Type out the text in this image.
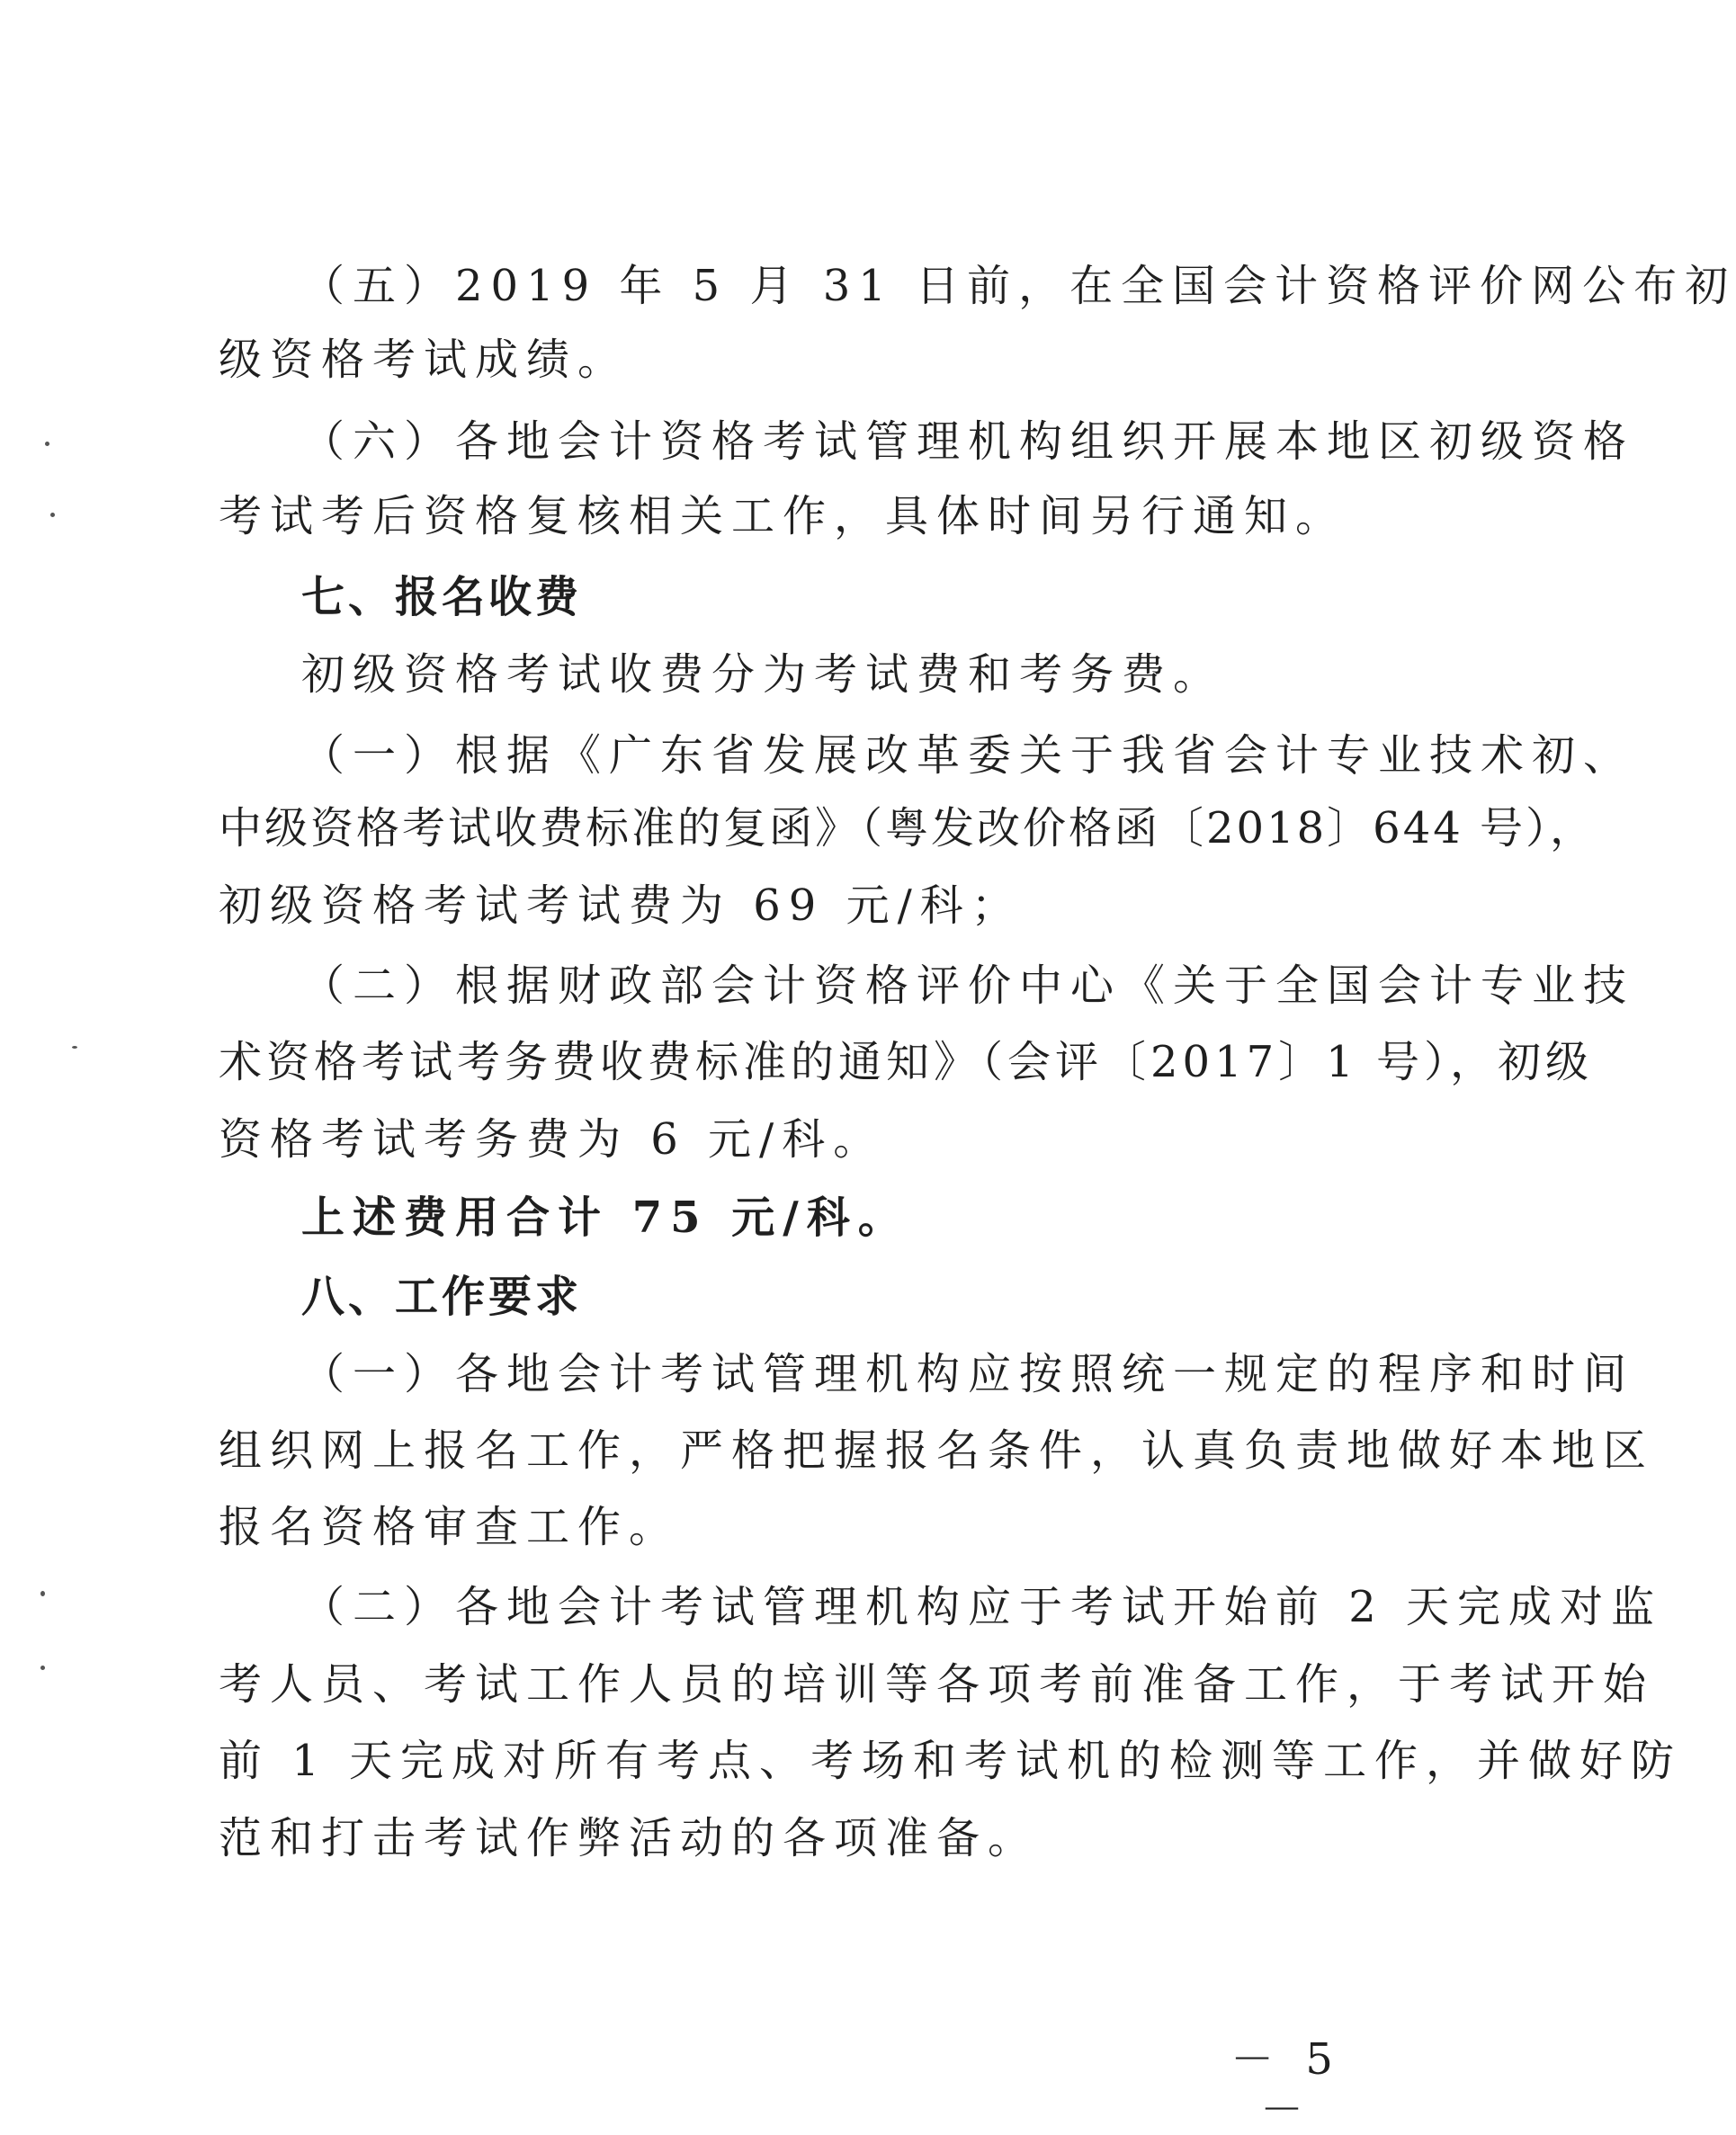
（五）2019 年 5 月 31 日前，在全国会计资格评价网公布初
级资格考试成绩。
（六）各地会计资格考试管理机构组织开展本地区初级资格
考试考后资格复核相关工作，具体时间另行通知。
七、报名收费
初级资格考试收费分为考试费和考务费。
（一）根据《广东省发展改革委关于我省会计专业技术初、
中级资格考试收费标准的复函》（粤发改价格函〔2018〕644 号），
初级资格考试考试费为 69 元/科；
（二）根据财政部会计资格评价中心《关于全国会计专业技
术资格考试考务费收费标准的通知》（会评〔2017〕1 号），初级
资格考试考务费为 6 元/科。
上述费用合计 75 元/科。
八、工作要求
（一）各地会计考试管理机构应按照统一规定的程序和时间
组织网上报名工作，严格把握报名条件，认真负责地做好本地区
报名资格审查工作。
（二）各地会计考试管理机构应于考试开始前 2 天完成对监
考人员、考试工作人员的培训等各项考前准备工作，于考试开始
前 1 天完成对所有考点、考场和考试机的检测等工作，并做好防
范和打击考试作弊活动的各项准备。
－ 5 －
